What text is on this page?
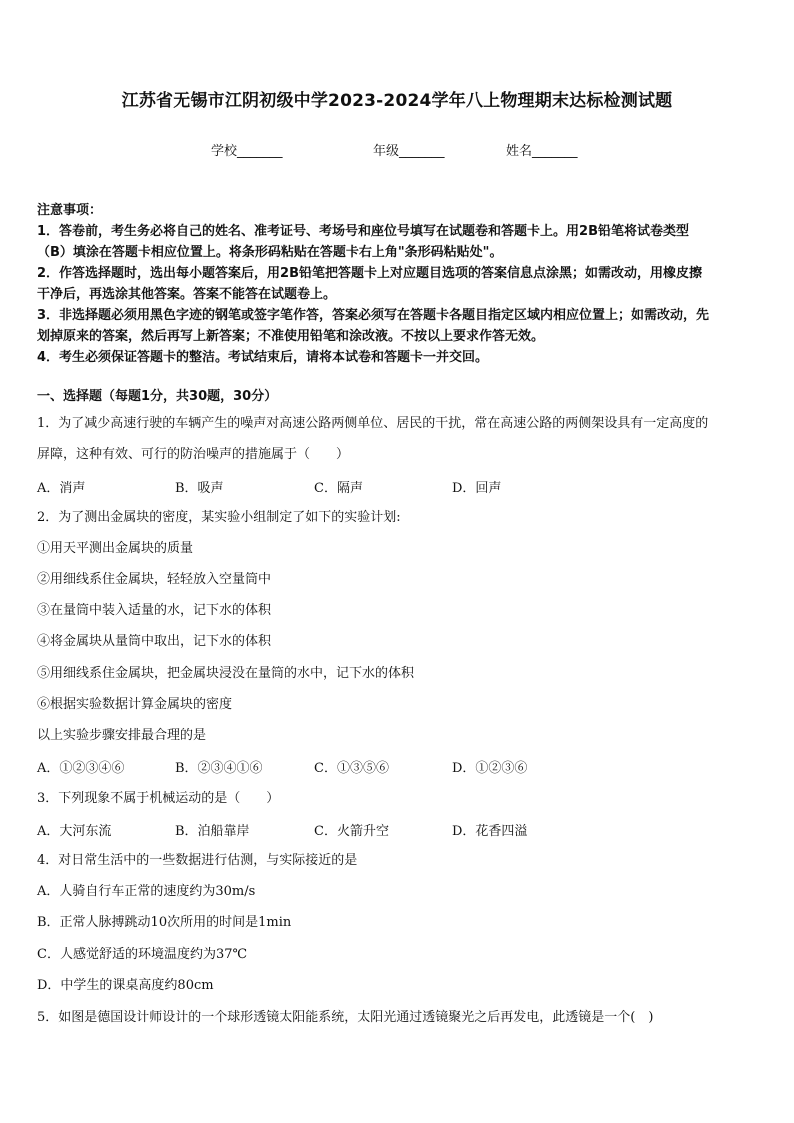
江苏省无锡市江阴初级中学2023-2024学年八上物理期末达标检测试题
学校_______	年级_______	姓名_______
注意事项：
1．答卷前，考生务必将自己的姓名、准考证号、考场号和座位号填写在试题卷和答题卡上。用2B铅笔将试卷类型
（B）填涂在答题卡相应位置上。将条形码粘贴在答题卡右上角"条形码粘贴处"。
2．作答选择题时，选出每小题答案后，用2B铅笔把答题卡上对应题目选项的答案信息点涂黑；如需改动，用橡皮擦
干净后，再选涂其他答案。答案不能答在试题卷上。
3．非选择题必须用黑色字迹的钢笔或签字笔作答，答案必须写在答题卡各题目指定区域内相应位置上；如需改动，先
划掉原来的答案，然后再写上新答案；不准使用铅笔和涂改液。不按以上要求作答无效。
4．考生必须保证答题卡的整洁。考试结束后，请将本试卷和答题卡一并交回。
一、选择题（每题1分，共30题，30分）
1．为了减少高速行驶的车辆产生的噪声对高速公路两侧单位、居民的干扰，常在高速公路的两侧架设具有一定高度的
屏障，这种有效、可行的防治噪声的措施属于（　　）
A．消声	B．吸声	C．隔声	D．回声
2．为了测出金属块的密度，某实验小组制定了如下的实验计划:
①用天平测出金属块的质量
②用细线系住金属块，轻轻放入空量筒中
③在量筒中装入适量的水，记下水的体积
④将金属块从量筒中取出，记下水的体积
⑤用细线系住金属块，把金属块浸没在量筒的水中，记下水的体积
⑥根据实验数据计算金属块的密度
以上实验步骤安排最合理的是
A．①②③④⑥	B．②③④①⑥	C．①③⑤⑥	D．①②③⑥
3．下列现象不属于机械运动的是（　　）
A．大河东流	B．泊船靠岸	C．火箭升空	D．花香四溢
4．对日常生活中的一些数据进行估测，与实际接近的是
A．人骑自行车正常的速度约为30m/s
B．正常人脉搏跳动10次所用的时间是1min
C．人感觉舒适的环境温度约为37℃
D．中学生的课桌高度约80cm
5．如图是德国设计师设计的一个球形透镜太阳能系统，太阳光通过透镜聚光之后再发电，此透镜是一个(　)
